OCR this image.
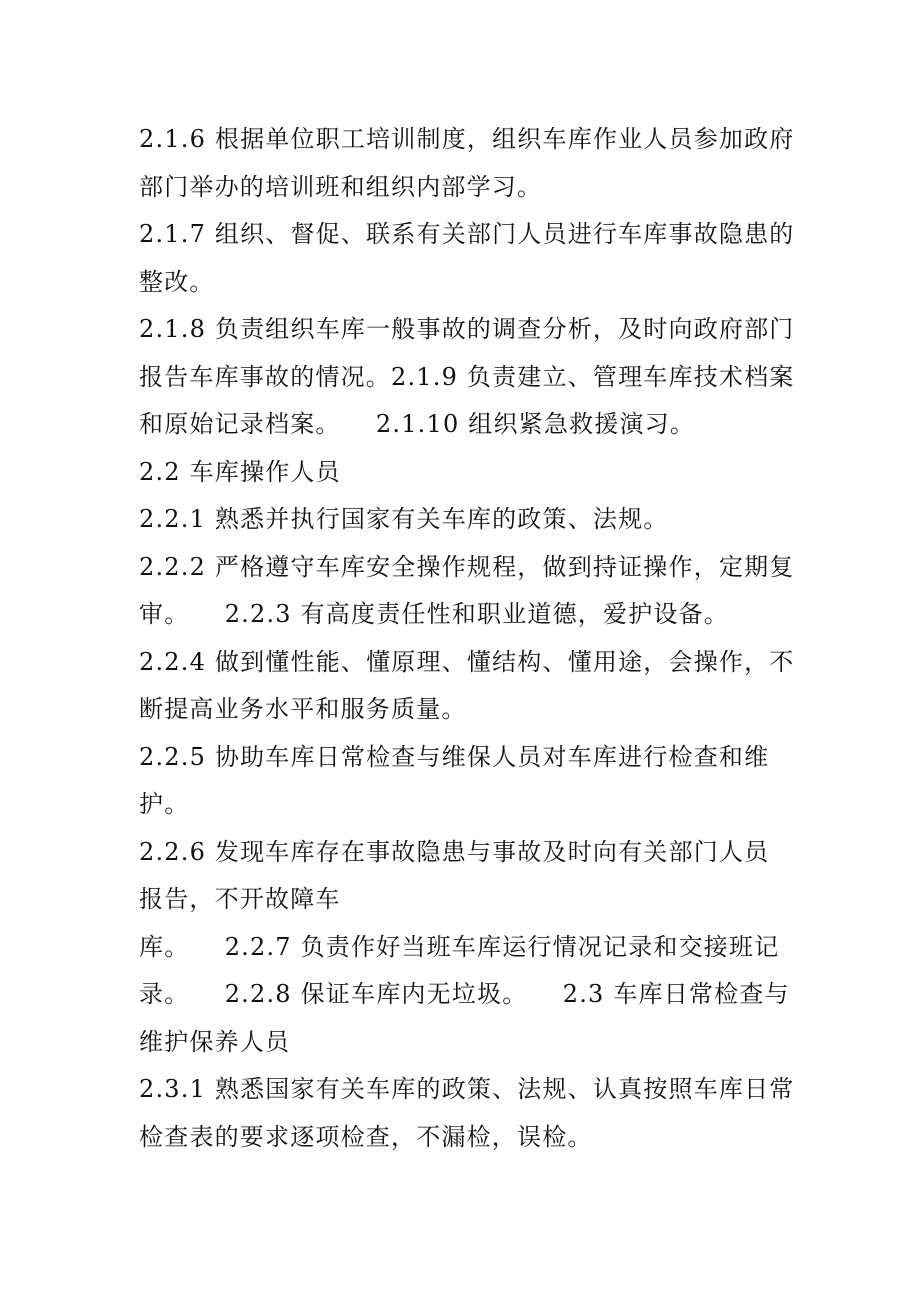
2.1.6 根据单位职工培训制度，组织车库作业人员参加政府
部门举办的培训班和组织内部学习。
2.1.7 组织、督促、联系有关部门人员进行车库事故隐患的
整改。
2.1.8 负责组织车库一般事故的调查分析，及时向政府部门
报告车库事故的情况。2.1.9 负责建立、管理车库技术档案
和原始记录档案。    2.1.10 组织紧急救援演习。
2.2 车库操作人员
2.2.1 熟悉并执行国家有关车库的政策、法规。
2.2.2 严格遵守车库安全操作规程，做到持证操作，定期复
审。    2.2.3 有高度责任性和职业道德，爱护设备。
2.2.4 做到懂性能、懂原理、懂结构、懂用途，会操作，不
断提高业务水平和服务质量。
2.2.5 协助车库日常检查与维保人员对车库进行检查和维
护。
2.2.6 发现车库存在事故隐患与事故及时向有关部门人员
报告，不开故障车
库。    2.2.7 负责作好当班车库运行情况记录和交接班记
录。    2.2.8 保证车库内无垃圾。    2.3 车库日常检查与
维护保养人员
2.3.1 熟悉国家有关车库的政策、法规、认真按照车库日常
检查表的要求逐项检查，不漏检，误检。
